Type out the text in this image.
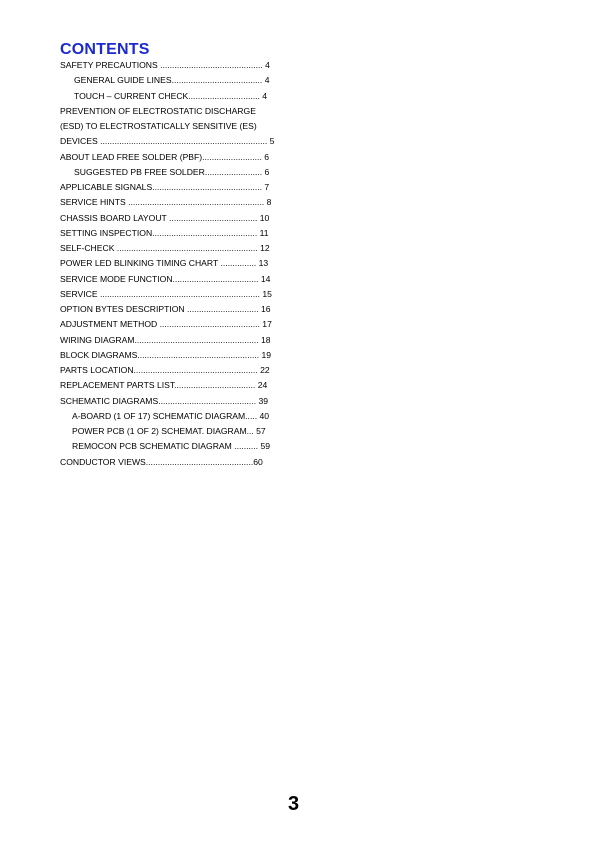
CONTENTS
SAFETY PRECAUTIONS ........................................... 4
GENERAL GUIDE LINES...................................... 4
TOUCH – CURRENT CHECK.............................. 4
PREVENTION OF ELECTROSTATIC DISCHARGE
(ESD) TO ELECTROSTATICALLY SENSITIVE (ES)
DEVICES ...................................................................... 5
ABOUT LEAD FREE SOLDER (PBF)......................... 6
SUGGESTED PB FREE SOLDER........................ 6
APPLICABLE SIGNALS.............................................. 7
SERVICE HINTS ......................................................... 8
CHASSIS BOARD LAYOUT ..................................... 10
SETTING INSPECTION............................................ 11
SELF-CHECK ........................................................... 12
POWER LED BLINKING TIMING CHART ............... 13
SERVICE MODE FUNCTION.................................... 14
SERVICE ................................................................... 15
OPTION BYTES DESCRIPTION .............................. 16
ADJUSTMENT METHOD .......................................... 17
WIRING DIAGRAM.................................................... 18
BLOCK DIAGRAMS................................................... 19
PARTS LOCATION.................................................... 22
REPLACEMENT PARTS LIST.................................. 24
SCHEMATIC DIAGRAMS......................................... 39
A-BOARD (1 OF 17) SCHEMATIC DIAGRAM..... 40
POWER PCB (1 OF 2) SCHEMAT. DIAGRAM... 57
REMOCON PCB SCHEMATIC DIAGRAM .......... 59
CONDUCTOR VIEWS.............................................60
3
